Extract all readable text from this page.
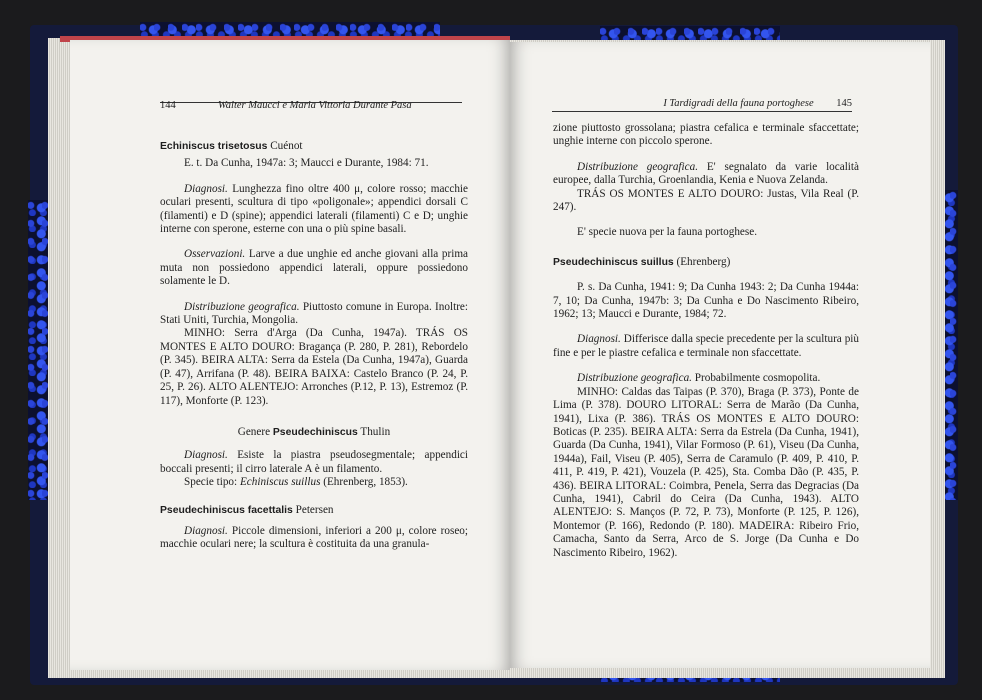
144	Walter Maucci e Maria Vittoria Durante Pasa

Echiniscus trisetosus Cuénot

E. t. Da Cunha, 1947a: 3; Maucci e Durante, 1984: 71.

Diagnosi. Lunghezza fino oltre 400 μ, colore rosso; macchie oculari presenti, scultura di tipo «poligonale»; appendici dorsali C (filamenti) e D (spine); appendici laterali (filamenti) C e D; unghie interne con sperone, esterne con una o più spine basali.

Osservazioni. Larve a due unghie ed anche giovani alla prima muta non possiedono appendici laterali, oppure possiedono solamente le D.

Distribuzione geografica. Piuttosto comune in Europa. Inoltre: Stati Uniti, Turchia, Mongolia.

MINHO: Serra d'Arga (Da Cunha, 1947a). TRÁS OS MONTES E ALTO DOURO: Bragança (P. 280, P. 281), Rebordelo (P. 345). BEIRA ALTA: Serra da Estela (Da Cunha, 1947a), Guarda (P. 47), Arrifana (P. 48). BEIRA BAIXA: Castelo Branco (P. 24, P. 25, P. 26). ALTO ALENTEJO: Arronches (P.12, P. 13), Estremoz (P. 117), Monforte (P. 123).

Genere Pseudechiniscus Thulin

Diagnosi. Esiste la piastra pseudosegmentale; appendici boccali presenti; il cirro laterale A è un filamento.

Specie tipo: Echiniscus suillus (Ehrenberg, 1853).

Pseudechiniscus facettalis Petersen

Diagnosi. Piccole dimensioni, inferiori a 200 μ, colore roseo; macchie oculari nere; la scultura è costituita da una granula-

I Tardigradi della fauna portoghese 145

zione piuttosto grossolana; piastra cefalica e terminale sfaccettate; unghie interne con piccolo sperone.

Distribuzione geografica. E' segnalato da varie località europee, dalla Turchia, Groenlandia, Kenia e Nuova Zelanda.

TRÁS OS MONTES E ALTO DOURO: Justas, Vila Real (P. 247).

E' specie nuova per la fauna portoghese.

Pseudechiniscus suillus (Ehrenberg)

P. s. Da Cunha, 1941: 9; Da Cunha 1943: 2; Da Cunha 1944a: 7, 10; Da Cunha, 1947b: 3; Da Cunha e Do Nascimento Ribeiro, 1962; 13; Maucci e Durante, 1984; 72.

Diagnosi. Differisce dalla specie precedente per la scultura più fine e per le piastre cefalica e terminale non sfaccettate.

Distribuzione geografica. Probabilmente cosmopolita.

MINHO: Caldas das Taipas (P. 370), Braga (P. 373), Ponte de Lima (P. 378). DOURO LITORAL: Serra de Marão (Da Cunha, 1941), Lixa (P. 386). TRÁS OS MONTES E ALTO DOURO: Boticas (P. 235). BEIRA ALTA: Serra da Estrela (Da Cunha, 1941), Guarda (Da Cunha, 1941), Vilar Formoso (P. 61), Viseu (Da Cunha, 1944a), Fail, Viseu (P. 405), Serra de Caramulo (P. 409, P. 410, P. 411, P. 419, P. 421), Vouzela (P. 425), Sta. Comba Dão (P. 435, P. 436). BEIRA LITORAL: Coimbra, Penela, Serra das Degracias (Da Cunha, 1941), Cabril do Ceira (Da Cunha, 1943). ALTO ALENTEJO: S. Manços (P. 72, P. 73), Monforte (P. 125, P. 126), Montemor (P. 166), Redondo (P. 180). MADEIRA: Ribeiro Frio, Camacha, Santo da Serra, Arco de S. Jorge (Da Cunha e Do Nascimento Ribeiro, 1962).
